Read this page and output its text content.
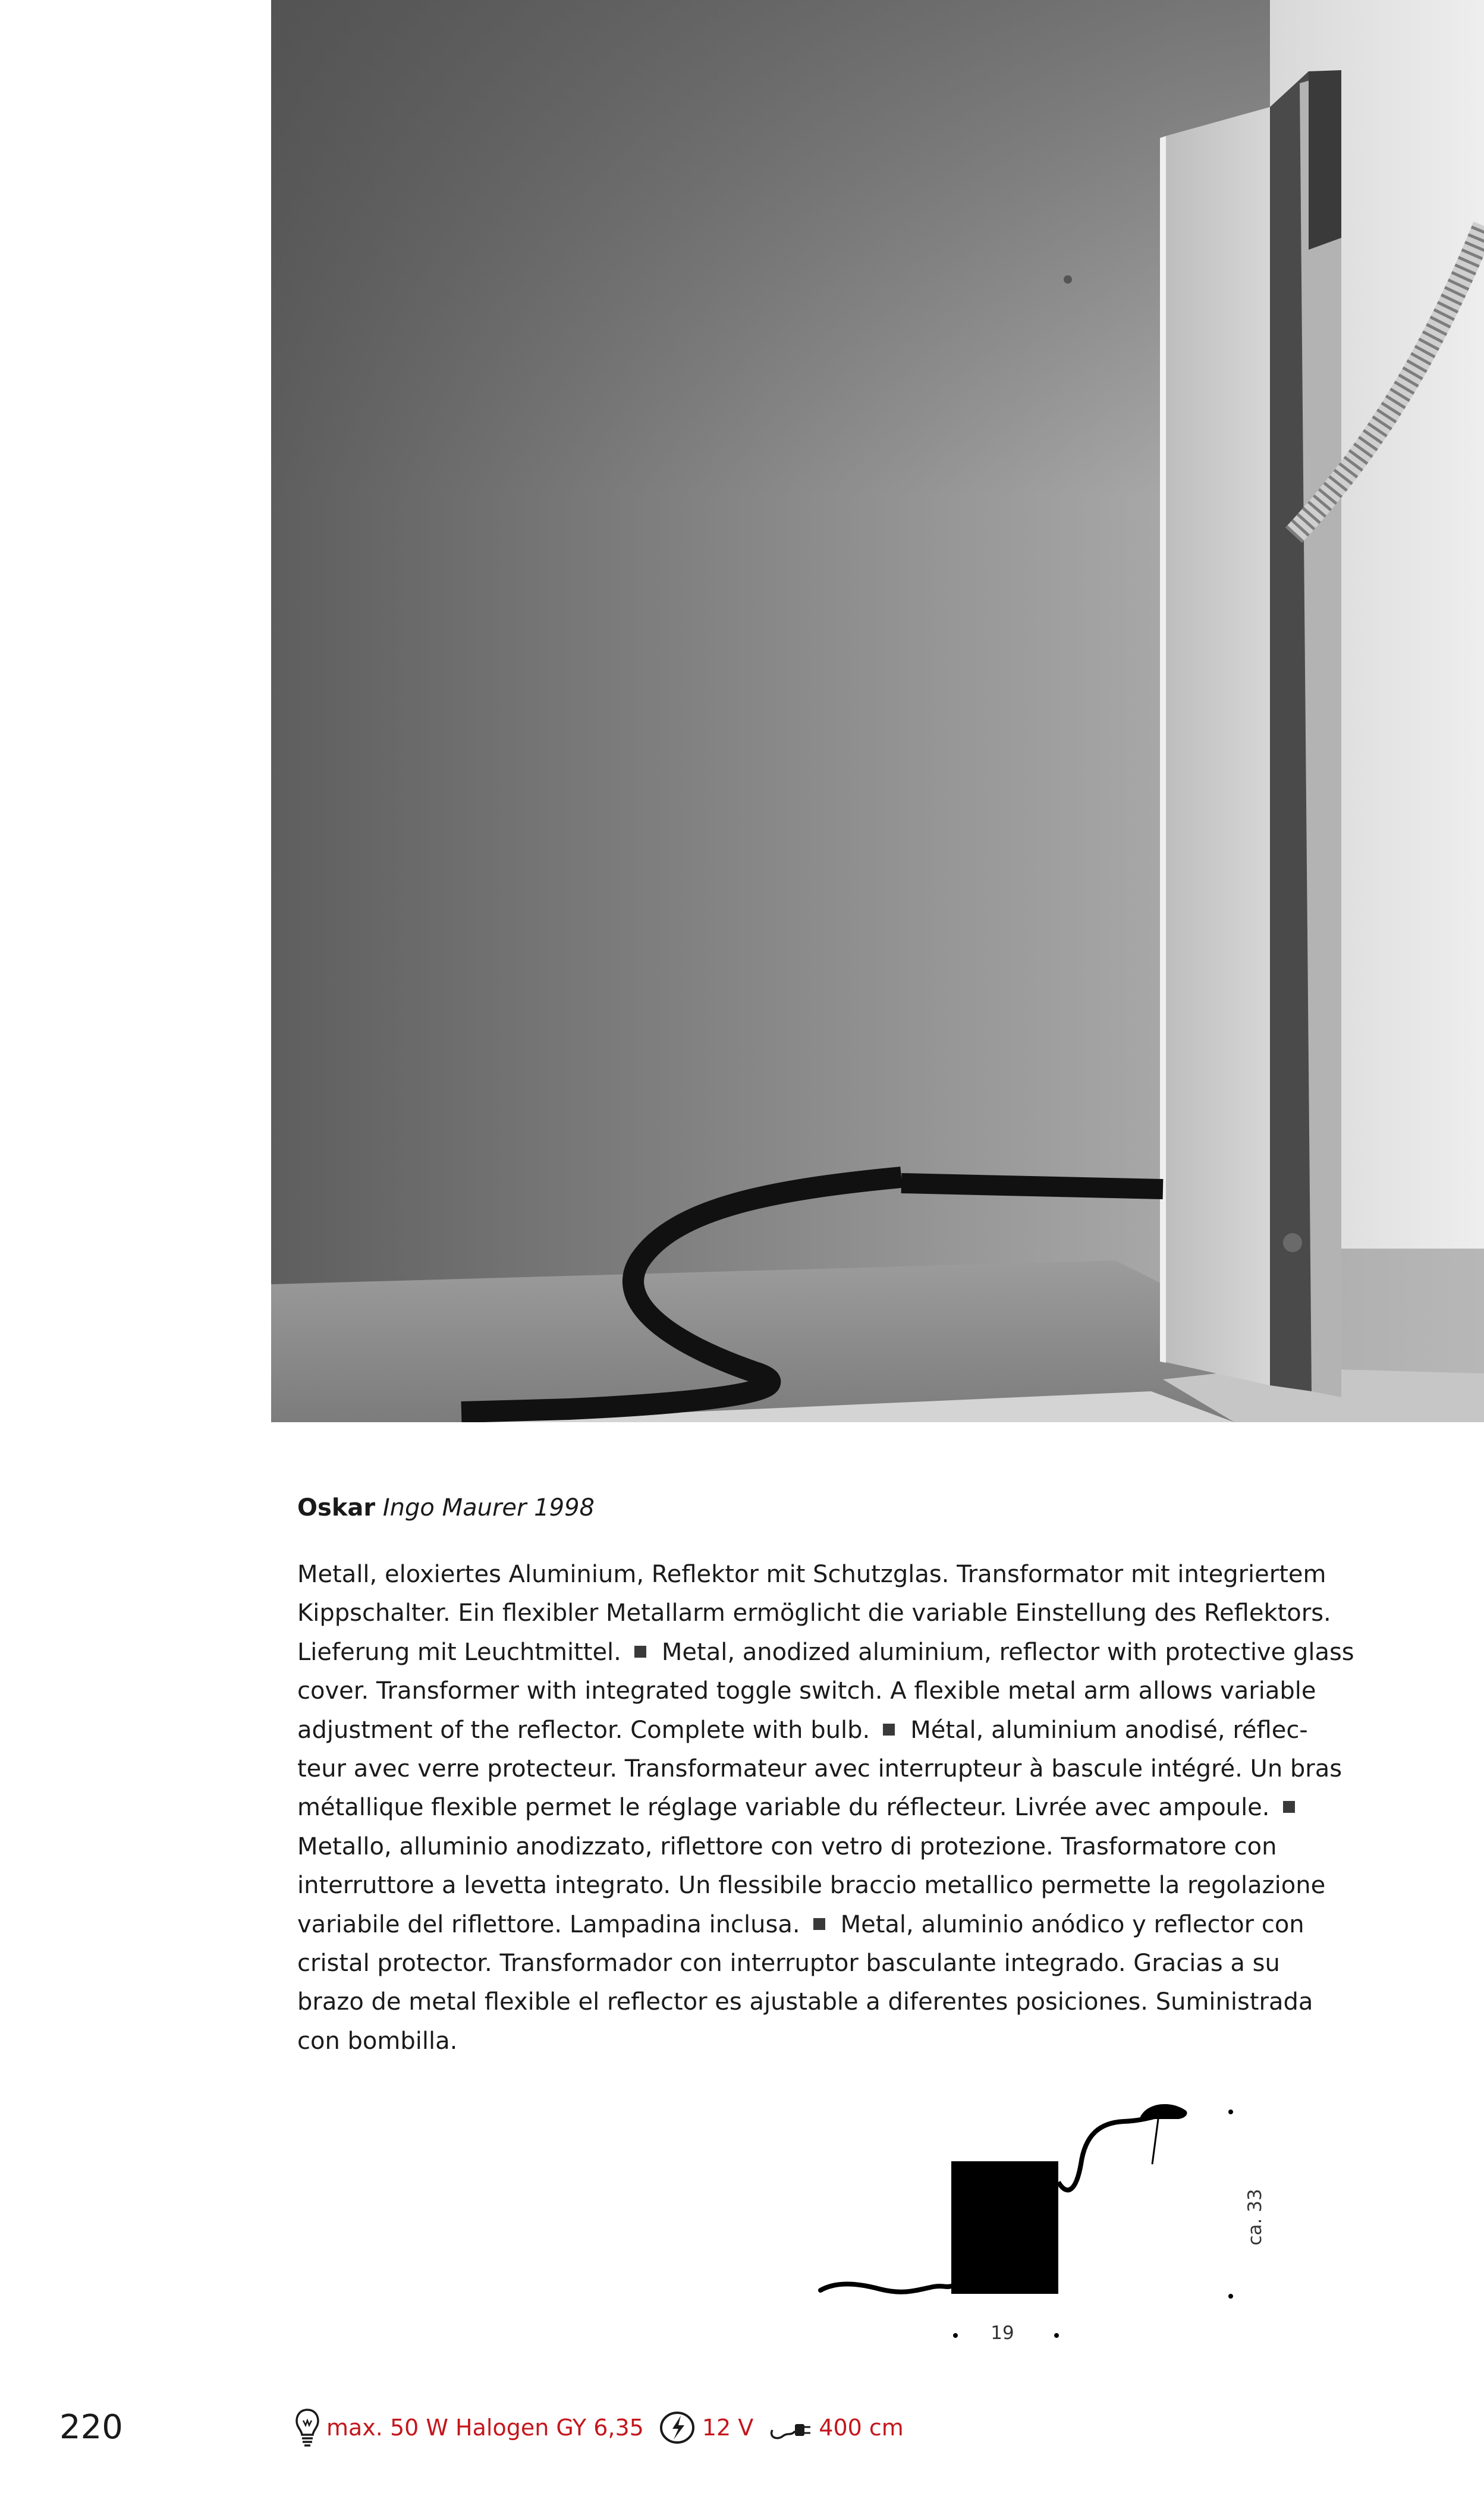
Oskar Ingo Maurer 1998
Metall, eloxiertes Aluminium, Reflektor mit Schutzglas. Transformator mit integriertem
Kippschalter. Ein flexibler Metallarm ermöglicht die variable Einstellung des Reflektors.
Lieferung mit Leuchtmittel. Metal, anodized aluminium, reflector with protective glass
cover. Transformer with integrated toggle switch. A flexible metal arm allows variable
adjustment of the reflector. Complete with bulb. Métal, aluminium anodisé, réflec-
teur avec verre protecteur. Transformateur avec interrupteur à bascule intégré. Un bras
métallique flexible permet le réglage variable du réflecteur. Livrée avec ampoule.
Metallo, alluminio anodizzato, riflettore con vetro di protezione. Trasformatore con
interruttore a levetta integrato. Un flessibile braccio metallico permette la regolazione
variabile del riflettore. Lampadina inclusa. Metal, aluminio anódico y reflector con
cristal protector. Transformador con interruptor basculante integrado. Gracias a su
brazo de metal flexible el reflector es ajustable a diferentes posiciones. Suministrada
con bombilla.

ca. 33
19
220	max. 50 W Halogen GY 6,35	12 V	400 cm
